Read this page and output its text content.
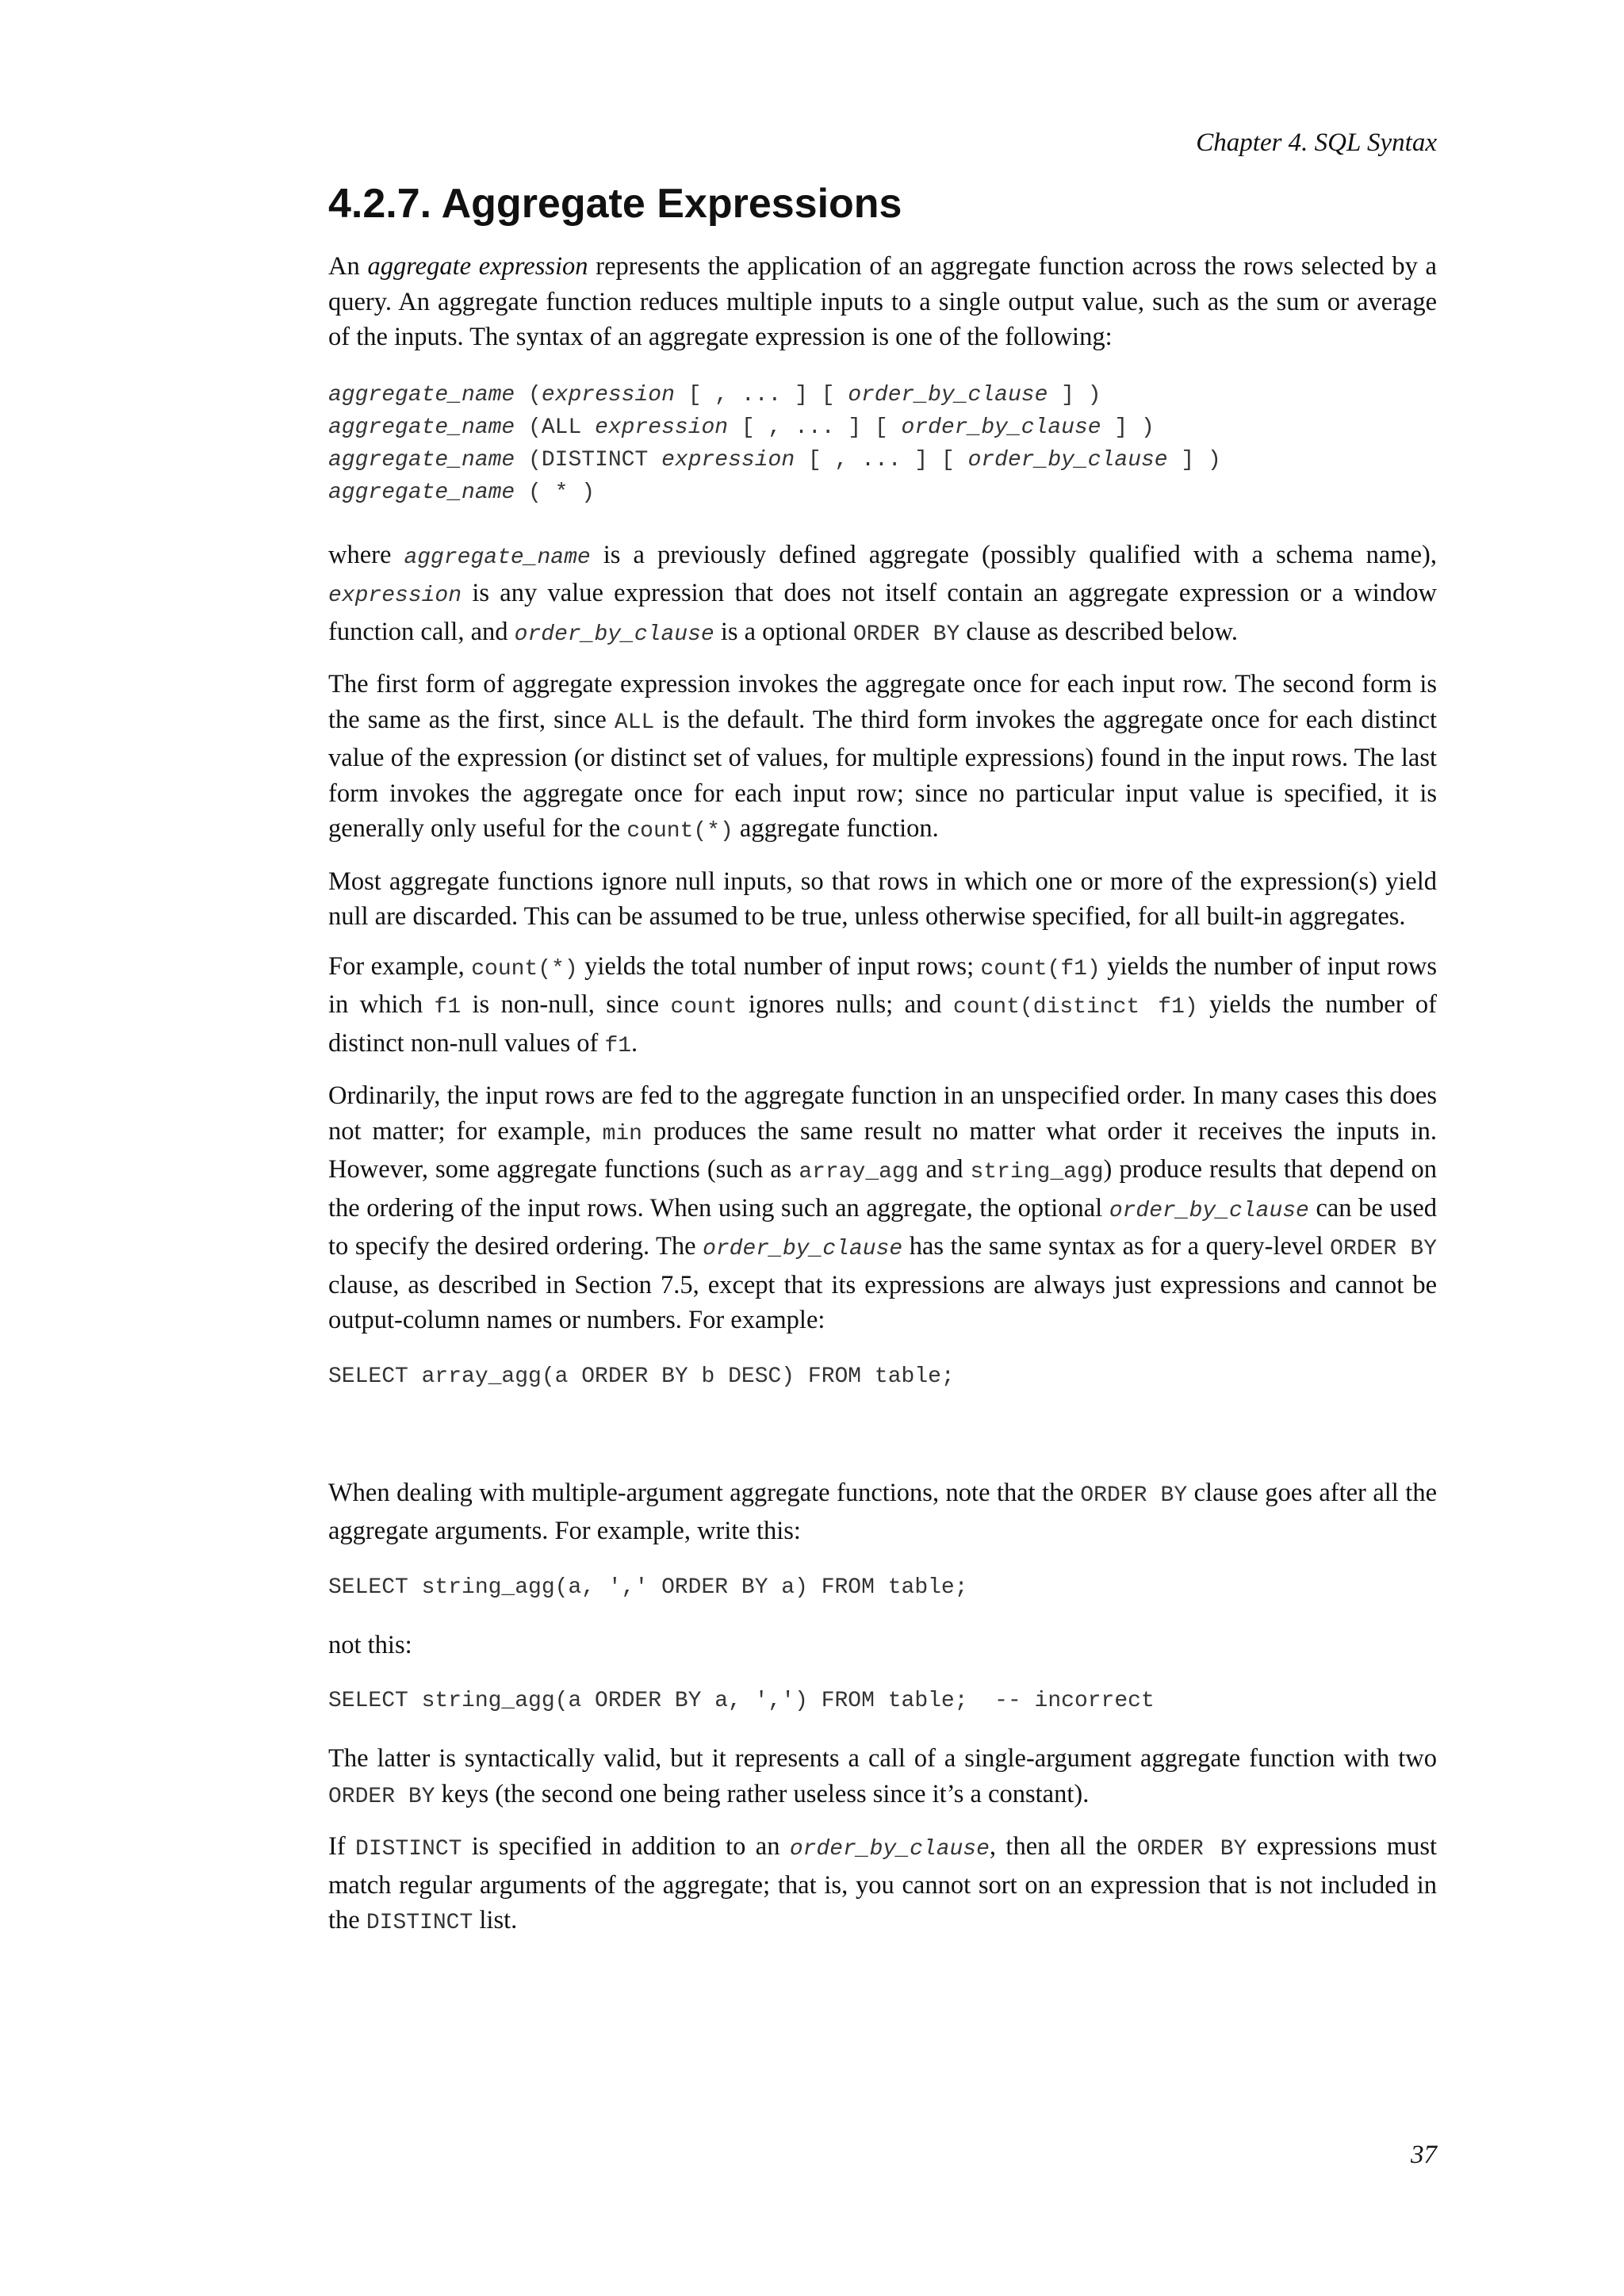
Chapter 4. SQL Syntax
4.2.7. Aggregate Expressions

An aggregate expression represents the application of an aggregate function across the rows selected by a query. An aggregate function reduces multiple inputs to a single output value, such as the sum or average of the inputs. The syntax of an aggregate expression is one of the following:

aggregate_name (expression [ , ... ] [ order_by_clause ] )
aggregate_name (ALL expression [ , ... ] [ order_by_clause ] )
aggregate_name (DISTINCT expression [ , ... ] [ order_by_clause ] )
aggregate_name ( * )

where aggregate_name is a previously defined aggregate (possibly qualified with a schema name), expression is any value expression that does not itself contain an aggregate expression or a window function call, and order_by_clause is a optional ORDER BY clause as described below.

The first form of aggregate expression invokes the aggregate once for each input row. The second form is the same as the first, since ALL is the default. The third form invokes the aggregate once for each distinct value of the expression (or distinct set of values, for multiple expressions) found in the input rows. The last form invokes the aggregate once for each input row; since no particular input value is specified, it is generally only useful for the count(*) aggregate function.

Most aggregate functions ignore null inputs, so that rows in which one or more of the expression(s) yield null are discarded. This can be assumed to be true, unless otherwise specified, for all built-in aggregates.

For example, count(*) yields the total number of input rows; count(f1) yields the number of input rows in which f1 is non-null, since count ignores nulls; and count(distinct f1) yields the number of distinct non-null values of f1.

Ordinarily, the input rows are fed to the aggregate function in an unspecified order. In many cases this does not matter; for example, min produces the same result no matter what order it receives the inputs in. However, some aggregate functions (such as array_agg and string_agg) produce results that depend on the ordering of the input rows. When using such an aggregate, the optional order_by_clause can be used to specify the desired ordering. The order_by_clause has the same syntax as for a query-level ORDER BY clause, as described in Section 7.5, except that its expressions are always just expressions and cannot be output-column names or numbers. For example:

SELECT array_agg(a ORDER BY b DESC) FROM table;

When dealing with multiple-argument aggregate functions, note that the ORDER BY clause goes after all the aggregate arguments. For example, write this:

SELECT string_agg(a, ',' ORDER BY a) FROM table;

not this:

SELECT string_agg(a ORDER BY a, ',') FROM table;  -- incorrect

The latter is syntactically valid, but it represents a call of a single-argument aggregate function with two ORDER BY keys (the second one being rather useless since it’s a constant).

If DISTINCT is specified in addition to an order_by_clause, then all the ORDER BY expressions must match regular arguments of the aggregate; that is, you cannot sort on an expression that is not included in the DISTINCT list.

37
